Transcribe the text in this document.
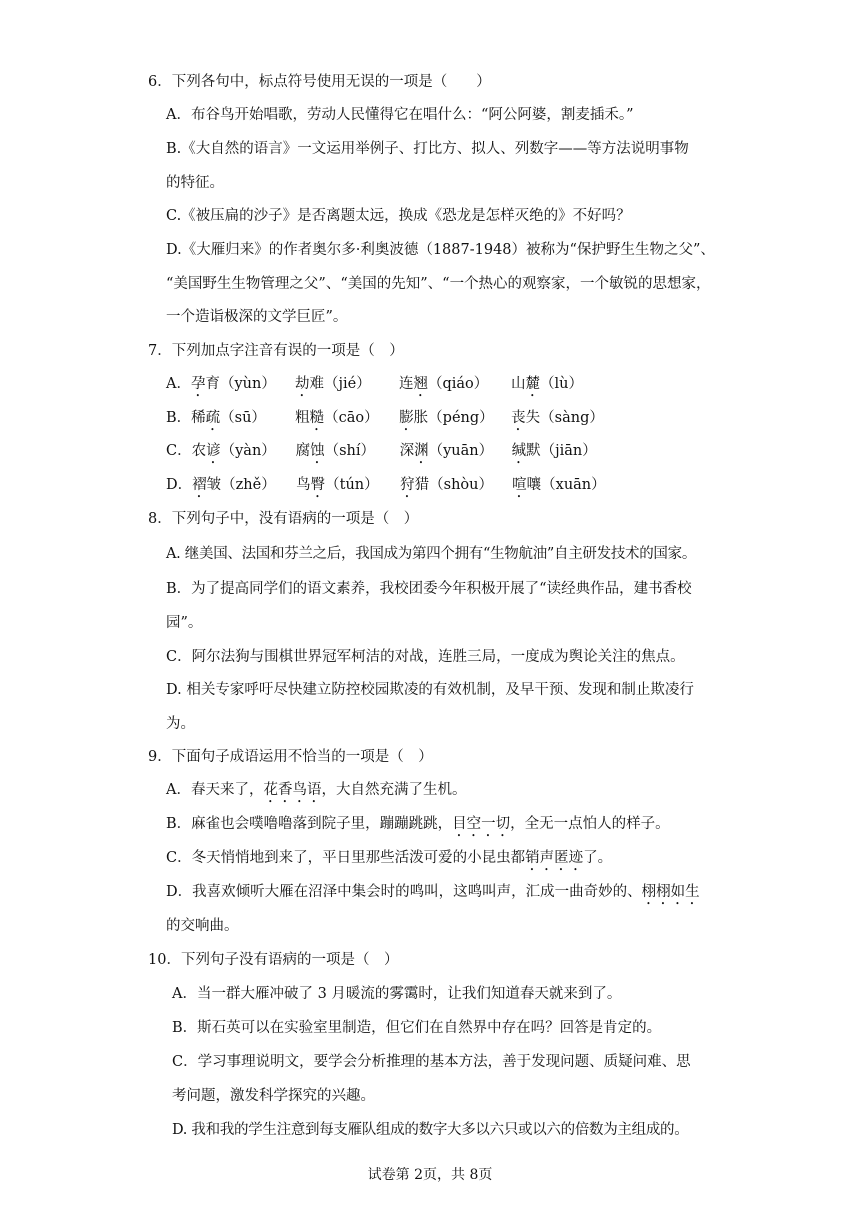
6．下列各句中，标点符号使用无误的一项是（　　）
A．布谷鸟开始唱歌，劳动人民懂得它在唱什么：“阿公阿婆，割麦插禾。”
B.《大自然的语言》一文运用举例子、打比方、拟人、列数字——等方法说明事物
的特征。
C.《被压扁的沙子》是否离题太远，换成《恐龙是怎样灭绝的》不好吗？
D.《大雁归来》的作者奥尔多·利奥波德（1887-1948）被称为“保护野生生物之父”、
“美国野生生物管理之父”、“美国的先知”、“一个热心的观察家，一个敏锐的思想家，
一个造诣极深的文学巨匠”。
7．下列加点字注音有误的一项是（　）
A．孕育（yùn） 劫难（jié） 连翘（qiáo） 山麓（lù）
B．稀疏（sū） 粗糙（cāo） 膨胀（péng） 丧失（sàng）
C．农谚（yàn） 腐蚀（shí） 深渊（yuān） 缄默（jiān）
D．褶皱（zhě） 鸟臀（tún） 狩猎（shòu） 喧嚷（xuān）
8．下列句子中，没有语病的一项是（　）
A. 继美国、法国和芬兰之后，我国成为第四个拥有“生物航油”自主研发技术的国家。
B．为了提高同学们的语文素养，我校团委今年积极开展了“读经典作品，建书香校
园”。
C．阿尔法狗与围棋世界冠军柯洁的对战，连胜三局，一度成为舆论关注的焦点。
D. 相关专家呼吁尽快建立防控校园欺凌的有效机制，及早干预、发现和制止欺凌行
为。
9．下面句子成语运用不恰当的一项是（　）
A．春天来了，花香鸟语，大自然充满了生机。
B．麻雀也会噗噜噜落到院子里，蹦蹦跳跳，目空一切，全无一点怕人的样子。
C．冬天悄悄地到来了，平日里那些活泼可爱的小昆虫都销声匿迹了。
D．我喜欢倾听大雁在沼泽中集会时的鸣叫，这鸣叫声，汇成一曲奇妙的、栩栩如生
的交响曲。
10．下列句子没有语病的一项是（　）
A．当一群大雁冲破了 3 月暖流的雾霭时，让我们知道春天就来到了。
B．斯石英可以在实验室里制造，但它们在自然界中存在吗？回答是肯定的。
C．学习事理说明文，要学会分析推理的基本方法，善于发现问题、质疑问难、思
考问题，激发科学探究的兴趣。
D. 我和我的学生注意到每支雁队组成的数字大多以六只或以六的倍数为主组成的。
试卷第 2页，共 8页
